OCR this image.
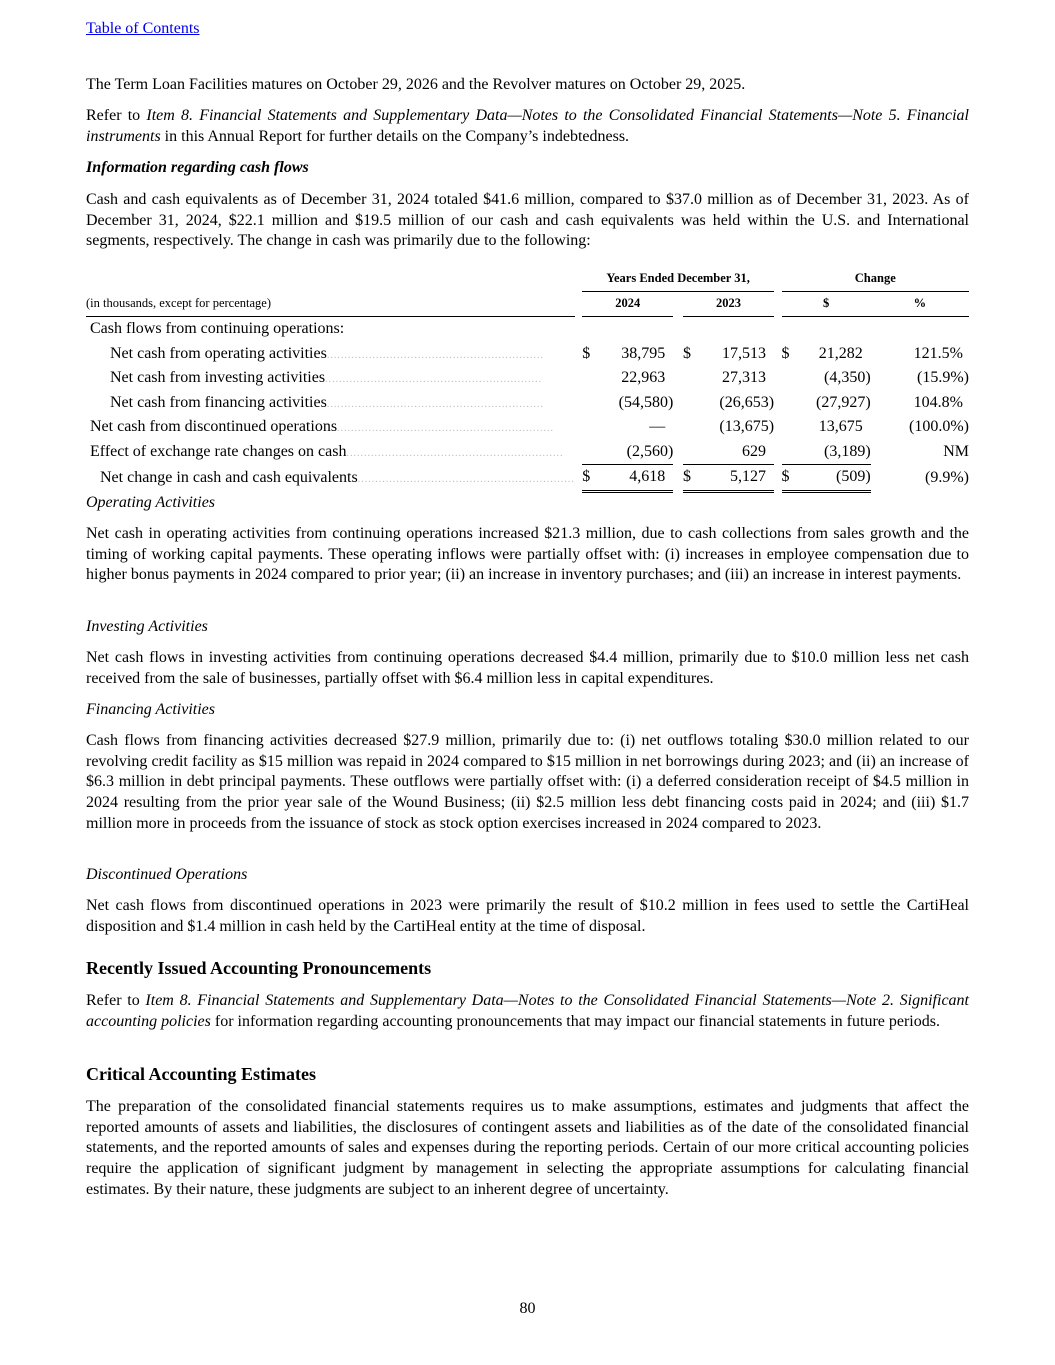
Table of Contents

The Term Loan Facilities matures on October 29, 2026 and the Revolver matures on October 29, 2025.

Refer to Item 8. Financial Statements and Supplementary Data—Notes to the Consolidated Financial Statements—Note 5. Financial instruments in this Annual Report for further details on the Company’s indebtedness.

Information regarding cash flows

Cash and cash equivalents as of December 31, 2024 totaled $41.6 million, compared to $37.0 million as of December 31, 2023. As of December 31, 2024, $22.1 million and $19.5 million of our cash and cash equivalents was held within the U.S. and International segments, respectively. The change in cash was primarily due to the following:

		Years Ended December 31,						Change		
(in thousands, except for percentage)		2024			2023			$		%
Cash flows from continuing operations:										
Net cash from operating activities..............................................................		$	38,795		$	17,513		$	21,282	121.5%
Net cash from investing activities..............................................................			22,963			27,313			(4,350)	(15.9%)
Net cash from financing activities..............................................................			(54,580)			(26,653)			(27,927)	104.8%
Net cash from discontinued operations..............................................................			—			(13,675)			13,675	(100.0%)
Effect of exchange rate changes on cash..............................................................			(2,560)			629			(3,189)	NM
Net change in cash and cash equivalents..............................................................		$	4,618		$	5,127		$	(509)	(9.9%)

Operating Activities

Net cash in operating activities from continuing operations increased $21.3 million, due to cash collections from sales growth and the timing of working capital payments. These operating inflows were partially offset with: (i) increases in employee compensation due to higher bonus payments in 2024 compared to prior year; (ii) an increase in inventory purchases; and (iii) an increase in interest payments.

Investing Activities

Net cash flows in investing activities from continuing operations decreased $4.4 million, primarily due to $10.0 million less net cash received from the sale of businesses, partially offset with $6.4 million less in capital expenditures.

Financing Activities

Cash flows from financing activities decreased $27.9 million, primarily due to: (i) net outflows totaling $30.0 million related to our revolving credit facility as $15 million was repaid in 2024 compared to $15 million in net borrowings during 2023; and (ii) an increase of $6.3 million in debt principal payments. These outflows were partially offset with: (i) a deferred consideration receipt of $4.5 million in 2024 resulting from the prior year sale of the Wound Business; (ii) $2.5 million less debt financing costs paid in 2024; and (iii) $1.7 million more in proceeds from the issuance of stock as stock option exercises increased in 2024 compared to 2023.

Discontinued Operations

Net cash flows from discontinued operations in 2023 were primarily the result of $10.2 million in fees used to settle the CartiHeal disposition and $1.4 million in cash held by the CartiHeal entity at the time of disposal.

Recently Issued Accounting Pronouncements

Refer to Item 8. Financial Statements and Supplementary Data—Notes to the Consolidated Financial Statements—Note 2. Significant accounting policies for information regarding accounting pronouncements that may impact our financial statements in future periods.

Critical Accounting Estimates

The preparation of the consolidated financial statements requires us to make assumptions, estimates and judgments that affect the reported amounts of assets and liabilities, the disclosures of contingent assets and liabilities as of the date of the consolidated financial statements, and the reported amounts of sales and expenses during the reporting periods. Certain of our more critical accounting policies require the application of significant judgment by management in selecting the appropriate assumptions for calculating financial estimates. By their nature, these judgments are subject to an inherent degree of uncertainty.

80
